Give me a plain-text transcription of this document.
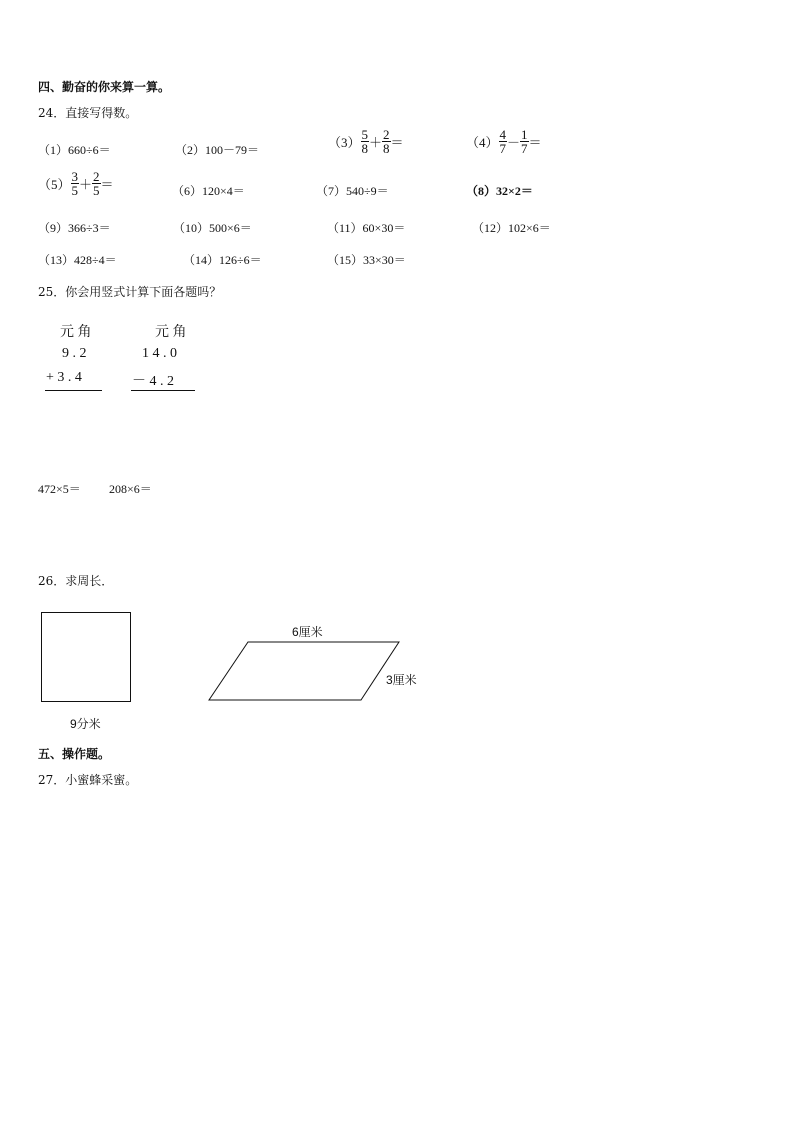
四、勤奋的你来算一算。
24．直接写得数。
（1）660÷6＝	（2）100－79＝	$(3) \frac{5}{8} + \frac{2}{8}$ ＝	$(4) \frac{4}{7} - \frac{1}{7}$ ＝
$(5) \frac{3}{5} + \frac{2}{5}$ ＝	（6）120×4＝	（7）540÷9＝	（8）32×2＝
（9）366÷3＝	（10）500×6＝	（11）60×30＝	（12）102×6＝
（13）428÷4＝	（14）126÷6＝	（15）33×30＝
25．你会用竖式计算下面各题吗？
元 角
9 . 2
+ 3 . 4
元 角
1 4 . 0
－ 4 . 2
472×5＝ 208×6＝
26．求周长．
9分米
6厘米
3厘米
五、操作题。
27．小蜜蜂采蜜。
